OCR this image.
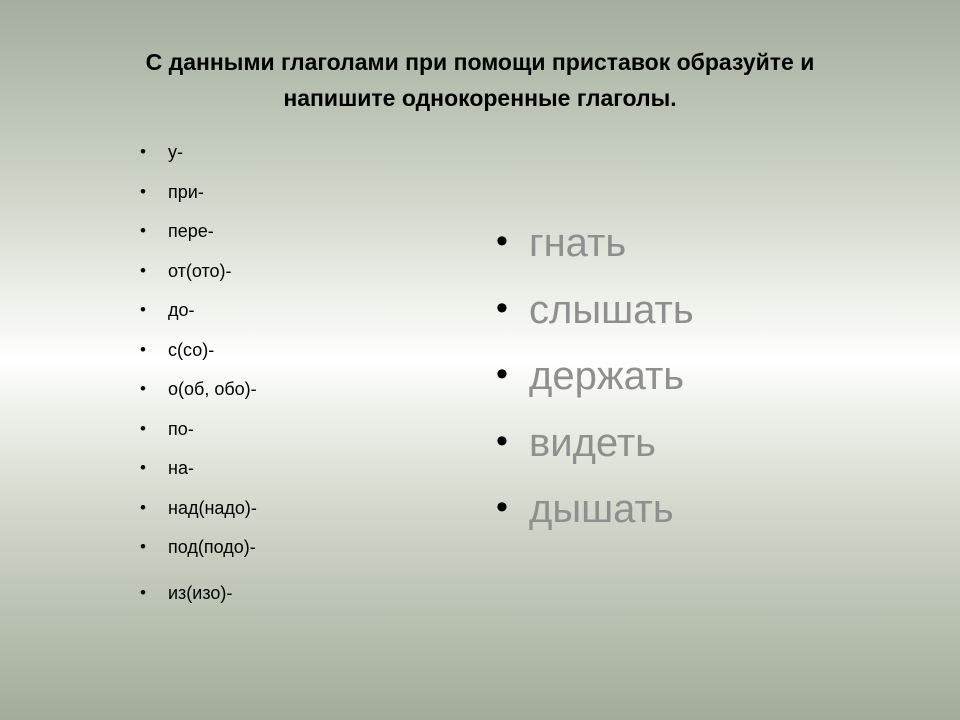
С данными глаголами при помощи приставок образуйте и
напишите однокоренные глаголы.
• у-
• при-
• пере-
• от(ото)-
• до-
• с(со)-
• о(об, обо)-
• по-
• на-
• над(надо)-
• под(подо)-
• из(изо)-
• гнать
• слышать
• держать
• видеть
• дышать
